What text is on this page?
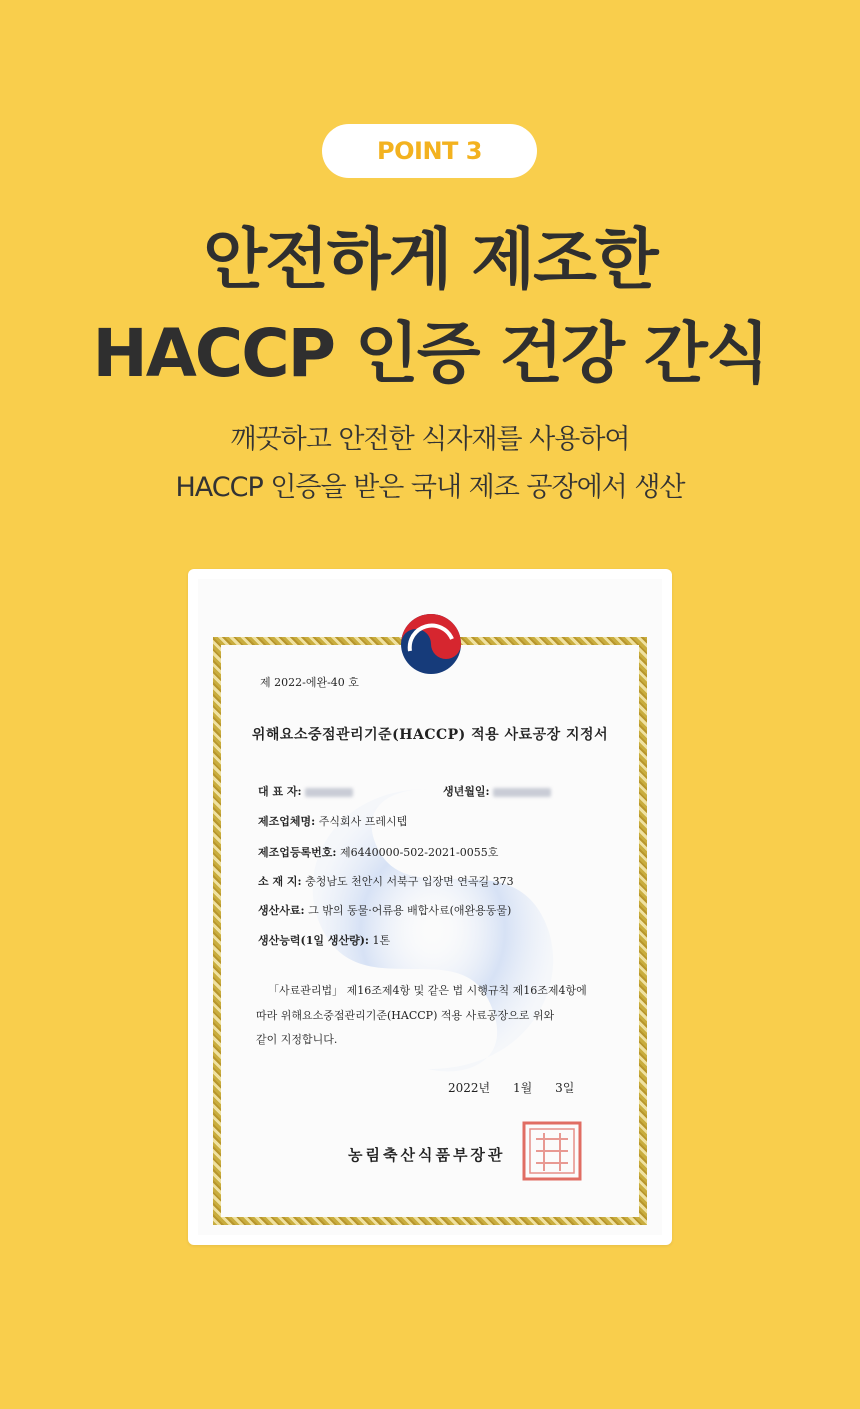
POINT 3
안전하게 제조한
HACCP 인증 건강 간식
깨끗하고 안전한 식자재를 사용하여
HACCP 인증을 받은 국내 제조 공장에서 생산
제 2022-에완-40 호
위해요소중점관리기준(HACCP) 적용 사료공장 지정서
대 표 자:	생년월일:
제조업체명: 주식회사 프레시텝
제조업등록번호: 제6440000-502-2021-0055호
소 재 지: 충청남도 천안시 서북구 입장면 연곡길 373
생산사료: 그 밖의 동물·어류용 배합사료(애완용동물)
생산능력(1일 생산량): 1톤
「사료관리법」 제16조제4항 및 같은 법 시행규칙 제16조제4항에
따라 위해요소중점관리기준(HACCP) 적용 사료공장으로 위와
같이 지정합니다.
2022년      1월      3일
농림축산식품부장관
